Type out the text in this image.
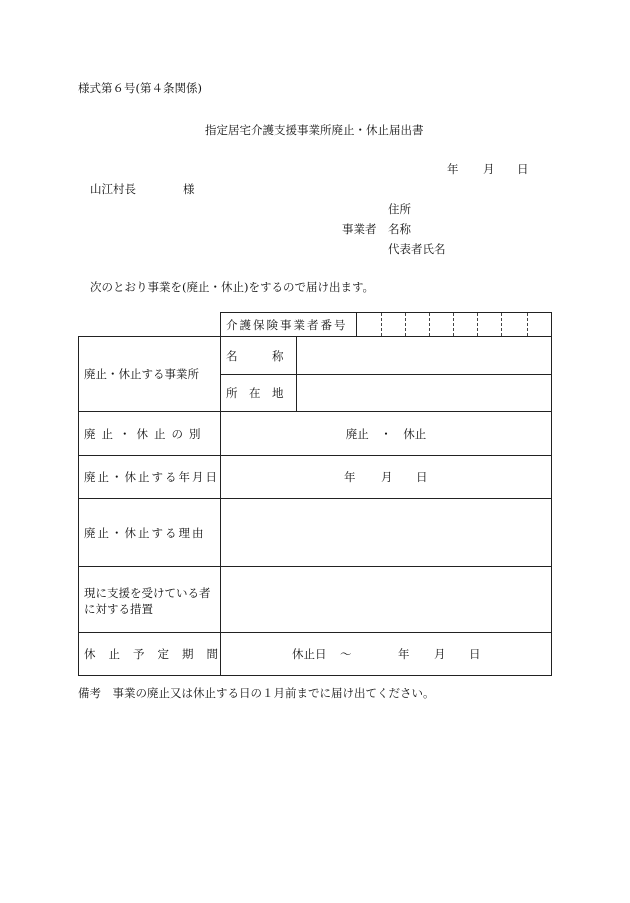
様式第６号(第４条関係)
指定居宅介護支援事業所廃止・休止届出書
年 月 日
山江村長	様
住所
事業者 名称
代表者氏名
次のとおり事業を(廃止・休止)をするので届け出ます。
介護保険事業者番号
廃止・休止する事業所
名　　　称
所　在　地
廃止・休止の別	廃止　・　休止
廃止・休止する年月日	年 月 日
廃止・休止する理由
現に支援を受けている者
に対する措置
休止予定期間	休止日 〜	年 月 日
備考　事業の廃止又は休止する日の１月前までに届け出てください。
